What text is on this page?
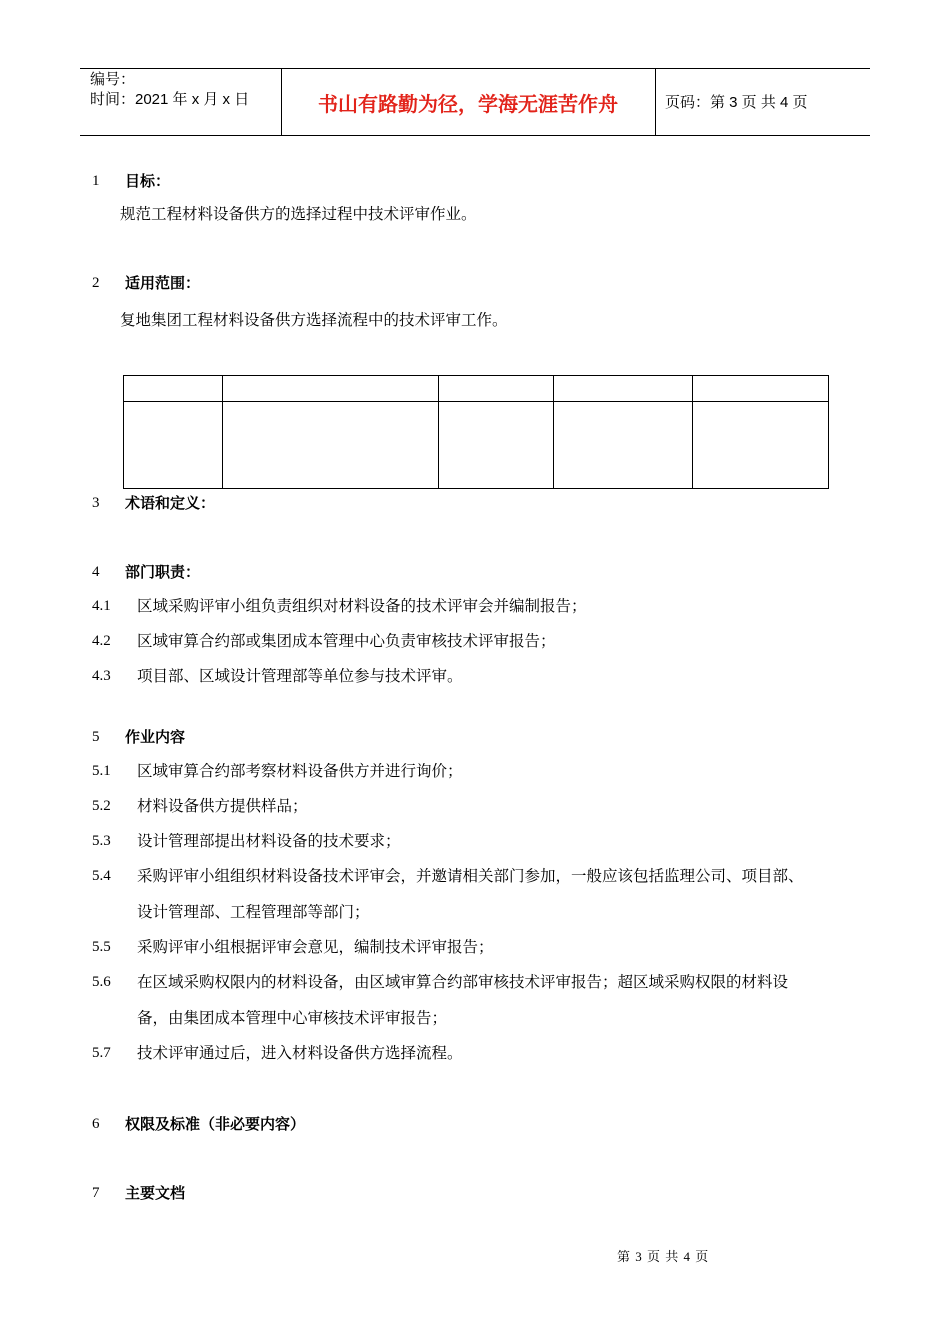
编号：
时间：2021 年 x 月 x 日	书山有路勤为径，学海无涯苦作舟	页码：第 3 页 共 4 页
1 目标：
规范工程材料设备供方的选择过程中技术评审作业。
2 适用范围：
复地集团工程材料设备供方选择流程中的技术评审工作。

3 术语和定义：
4 部门职责：
4.1 区域采购评审小组负责组织对材料设备的技术评审会并编制报告；
4.2 区域审算合约部或集团成本管理中心负责审核技术评审报告；
4.3 项目部、区域设计管理部等单位参与技术评审。
5 作业内容
5.1 区域审算合约部考察材料设备供方并进行询价；
5.2 材料设备供方提供样品；
5.3 设计管理部提出材料设备的技术要求；
5.4 采购评审小组组织材料设备技术评审会，并邀请相关部门参加，一般应该包括监理公司、项目部、
设计管理部、工程管理部等部门；
5.5 采购评审小组根据评审会意见，编制技术评审报告；
5.6 在区域采购权限内的材料设备，由区域审算合约部审核技术评审报告；超区域采购权限的材料设
备，由集团成本管理中心审核技术评审报告；
5.7 技术评审通过后，进入材料设备供方选择流程。
6 权限及标准（非必要内容）
7 主要文档
第 3 页 共 4 页
